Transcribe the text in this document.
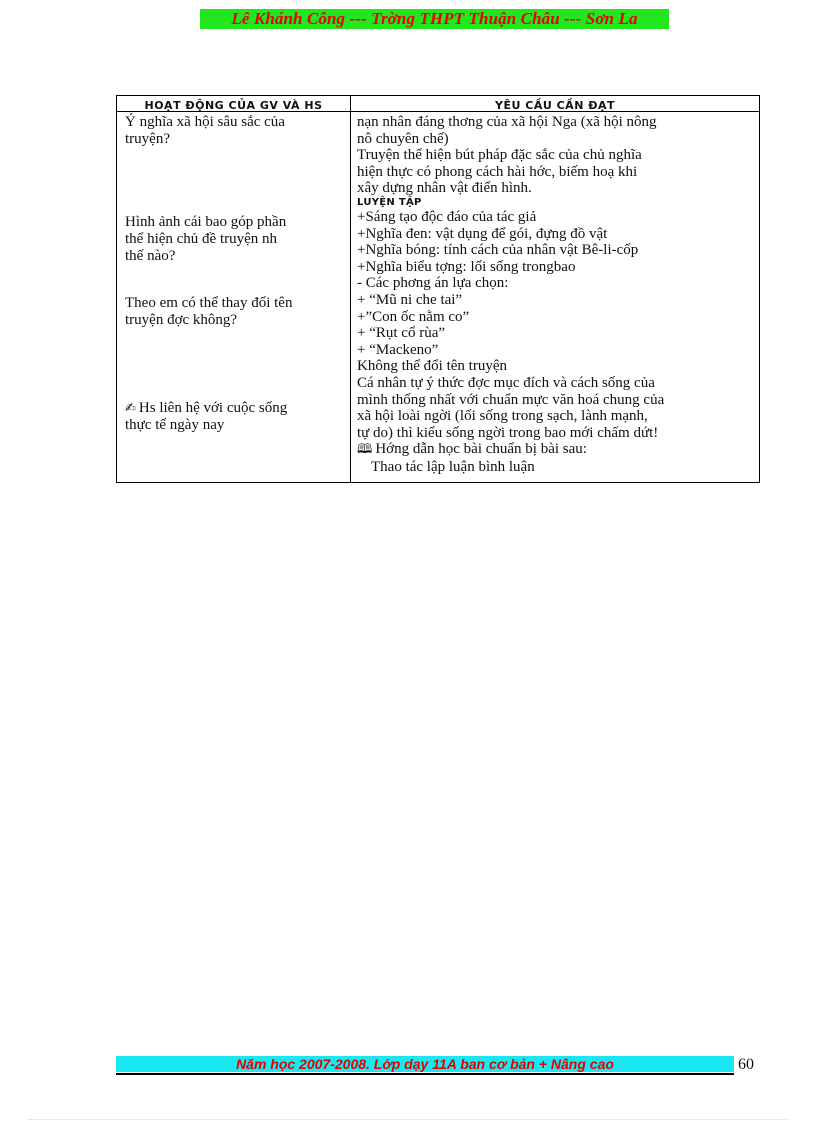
Lê Khánh Công --- Trờng THPT Thuận Châu --- Sơn La
HOẠT ĐỘNG CỦA GV VÀ HS	YÊU CẦU CẦN ĐẠT
Ý nghĩa xã hội sâu sắc của
truyện?
Hình ảnh cái bao góp phần
thể hiện chủ đề truyện nh
thế nào?
Theo em có thể thay đổi tên
truyện đợc không?
✍ Hs liên hệ với cuộc sống
thực tế ngày nay
nạn nhân đáng thơng của xã hội Nga (xã hội nông
nô chuyên chế)
Truyện thể hiện bút pháp đặc sắc của chủ nghĩa
hiện thực có phong cách hài hớc, biếm hoạ khi
xây dựng nhân vật điển hình.
LUYỆN TẬP
+Sáng tạo độc đáo của tác giả
+Nghĩa đen: vật dụng để gói, đựng đồ vật
+Nghĩa bóng: tính cách của nhân vật Bê-li-cốp
+Nghĩa biểu tợng: lối sống trongbao
- Các phơng án lựa chọn:
+ “Mũ ni che tai”
+”Con ốc nằm co”
+ “Rụt cổ rùa”
+ “Mackeno”
Không thể đổi tên truyện
Cá nhân tự ý thức đợc mục đích và cách sống của
mình thống nhất với chuẩn mực văn hoá chung của
xã hội loài ngời (lối sống trong sạch, lành mạnh,
tự do) thì kiểu sống ngời trong bao mới chấm dứt!
🕮 Hớng dẫn học bài chuẩn bị bài sau:
Thao tác lập luận bình luận
Năm học 2007-2008. Lớp dạy 11A ban cơ bản + Nâng cao	60
